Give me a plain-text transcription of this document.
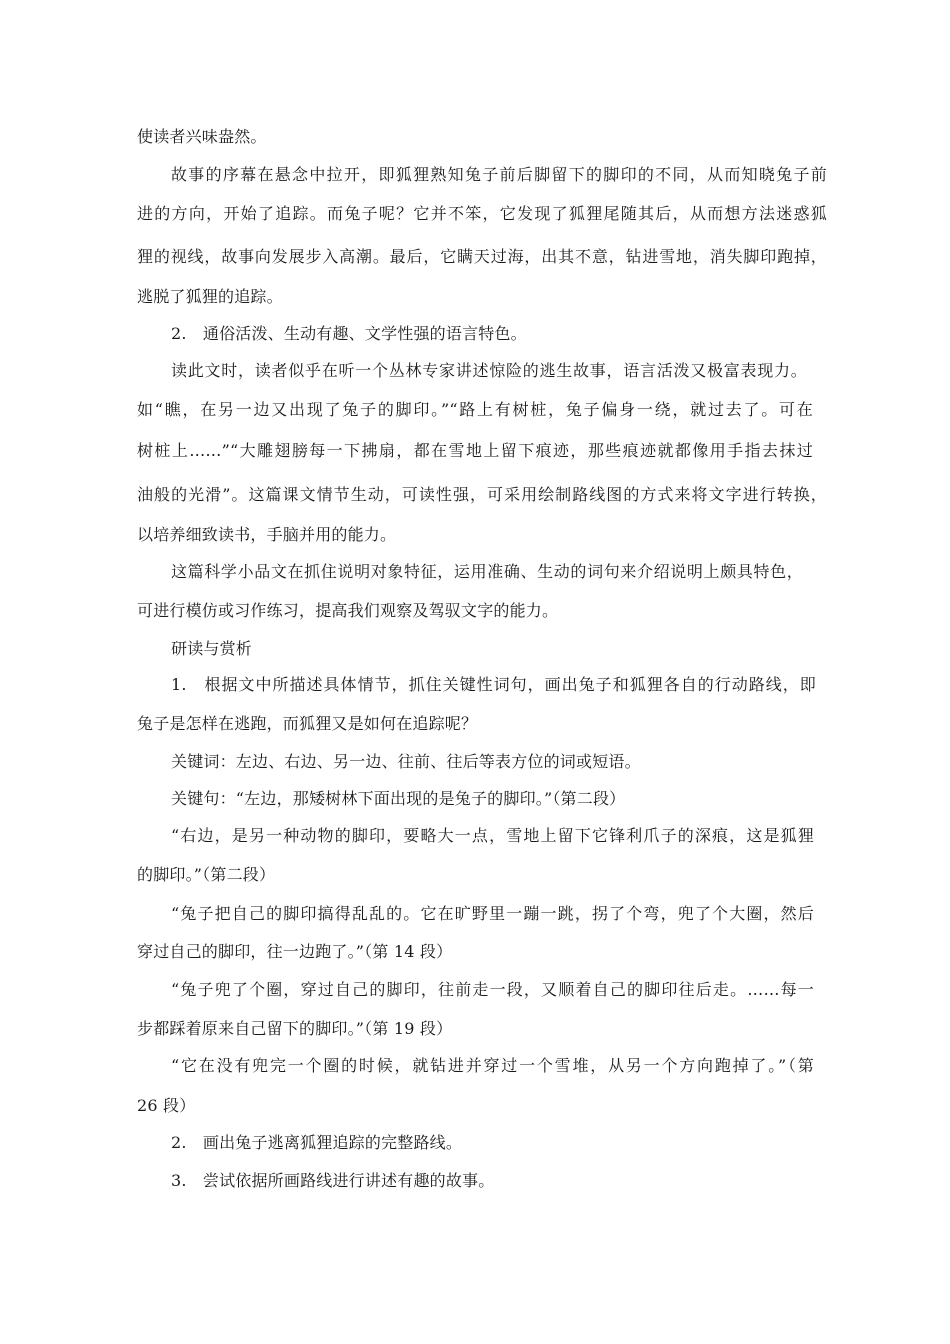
使读者兴味盎然。
故事的序幕在悬念中拉开，即狐狸熟知兔子前后脚留下的脚印的不同，从而知晓兔子前
进的方向，开始了追踪。而兔子呢？它并不笨，它发现了狐狸尾随其后，从而想方法迷惑狐
狸的视线，故事向发展步入高潮。最后，它瞒天过海，出其不意，钻进雪地，消失脚印跑掉，
逃脱了狐狸的追踪。
2.　通俗活泼、生动有趣、文学性强的语言特色。
读此文时，读者似乎在听一个丛林专家讲述惊险的逃生故事，语言活泼又极富表现力。
如“瞧，在另一边又出现了兔子的脚印。”“路上有树桩，兔子偏身一绕，就过去了。可在
树桩上……”“大雕翅膀每一下拂扇，都在雪地上留下痕迹，那些痕迹就都像用手指去抹过
油般的光滑”。这篇课文情节生动，可读性强，可采用绘制路线图的方式来将文字进行转换，
以培养细致读书，手脑并用的能力。
这篇科学小品文在抓住说明对象特征，运用准确、生动的词句来介绍说明上颇具特色，
可进行模仿或习作练习，提高我们观察及驾驭文字的能力。
研读与赏析
1.　根据文中所描述具体情节，抓住关键性词句，画出兔子和狐狸各自的行动路线，即
兔子是怎样在逃跑，而狐狸又是如何在追踪呢？
关键词：左边、右边、另一边、往前、往后等表方位的词或短语。
关键句：“左边，那矮树林下面出现的是兔子的脚印。”（第二段）
“右边，是另一种动物的脚印，要略大一点，雪地上留下它锋利爪子的深痕，这是狐狸
的脚印。”（第二段）
“兔子把自己的脚印搞得乱乱的。它在旷野里一蹦一跳，拐了个弯，兜了个大圈，然后
穿过自己的脚印，往一边跑了。”（第 14 段）
“兔子兜了个圈，穿过自己的脚印，往前走一段，又顺着自己的脚印往后走。……每一
步都踩着原来自己留下的脚印。”（第 19 段）
“它在没有兜完一个圈的时候，就钻进并穿过一个雪堆，从另一个方向跑掉了。”（第
26 段）
2.　画出兔子逃离狐狸追踪的完整路线。
3.　尝试依据所画路线进行讲述有趣的故事。
